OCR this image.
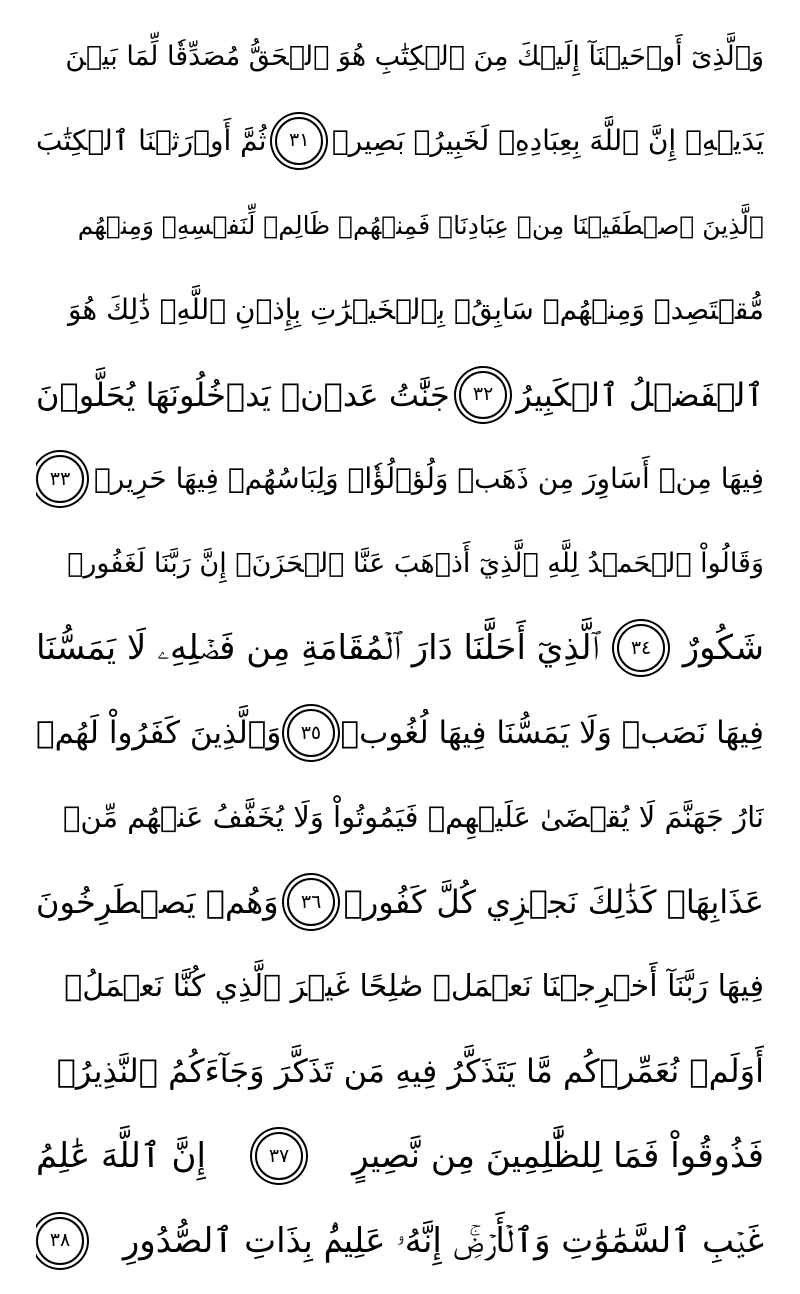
وَٱلَّذِىٓ أَوۡحَيۡنَآ إِلَيۡكَ مِنَ ٱلۡكِتَٰبِ هُوَ ٱلۡحَقُّ مُصَدِّقٗا لِّمَا بَيۡنَ
يَدَيۡهِۗ إِنَّ ٱللَّهَ بِعِبَادِهِۦ لَخَبِيرُۢ بَصِيرٞ
٣١
ثُمَّ أَوۡرَثۡنَا ٱلۡكِتَٰبَ
ٱلَّذِينَ ٱصۡطَفَيۡنَا مِنۡ عِبَادِنَاۖ فَمِنۡهُمۡ ظَالِمٞ لِّنَفۡسِهِۦ وَمِنۡهُم
مُّقۡتَصِدٞ وَمِنۡهُمۡ سَابِقُۢ بِٱلۡخَيۡرَٰتِ بِإِذۡنِ ٱللَّهِۚ ذَٰلِكَ هُوَ
ٱلۡفَضۡلُ ٱلۡكَبِيرُ
٣٢
جَنَّٰتُ عَدۡنٖ يَدۡخُلُونَهَا يُحَلَّوۡنَ
فِيهَا مِنۡ أَسَاوِرَ مِن ذَهَبٖ وَلُؤۡلُؤٗاۖ وَلِبَاسُهُمۡ فِيهَا حَرِيرٞ
٣٣
وَقَالُواْ ٱلۡحَمۡدُ لِلَّهِ ٱلَّذِيٓ أَذۡهَبَ عَنَّا ٱلۡحَزَنَۖ إِنَّ رَبَّنَا لَغَفُورٞ
شَكُورٌ
٣٤
ٱلَّذِيٓ أَحَلَّنَا دَارَ ٱلۡمُقَامَةِ مِن فَضۡلِهِۦ لَا يَمَسُّنَا
فِيهَا نَصَبٞ وَلَا يَمَسُّنَا فِيهَا لُغُوبٞ
٣٥
وَٱلَّذِينَ كَفَرُواْ لَهُمۡ
نَارُ جَهَنَّمَ لَا يُقۡضَىٰ عَلَيۡهِمۡ فَيَمُوتُواْ وَلَا يُخَفَّفُ عَنۡهُم مِّنۡ
عَذَابِهَاۚ كَذَٰلِكَ نَجۡزِي كُلَّ كَفُورٖ
٣٦
وَهُمۡ يَصۡطَرِخُونَ
فِيهَا رَبَّنَآ أَخۡرِجۡنَا نَعۡمَلۡ صَٰلِحًا غَيۡرَ ٱلَّذِي كُنَّا نَعۡمَلُۚ
أَوَلَمۡ نُعَمِّرۡكُم مَّا يَتَذَكَّرُ فِيهِ مَن تَذَكَّرَ وَجَآءَكُمُ ٱلنَّذِيرُۖ
فَذُوقُواْ فَمَا لِلظَّٰلِمِينَ مِن نَّصِيرٍ
٣٧
إِنَّ ٱللَّهَ عَٰلِمُ
غَيۡبِ ٱلسَّمَٰوَٰتِ وَٱلۡأَرۡضِۚ إِنَّهُۥ عَلِيمُۢ بِذَاتِ ٱلصُّدُورِ
٣٨
